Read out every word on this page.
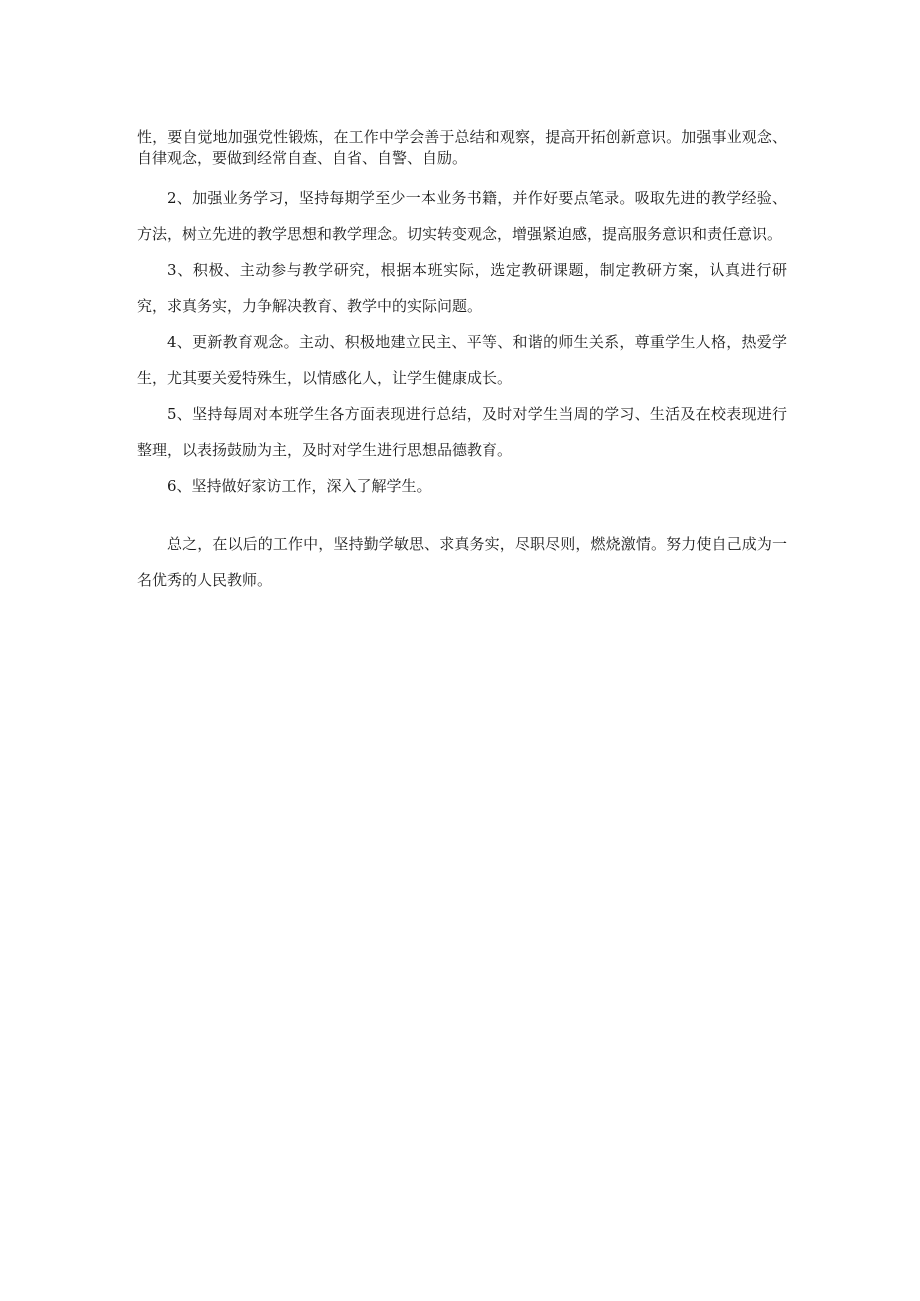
性，要自觉地加强党性锻炼，在工作中学会善于总结和观察，提高开拓创新意识。加强事业观念、自律观念，要做到经常自查、自省、自警、自励。

2、加强业务学习，坚持每期学至少一本业务书籍，并作好要点笔录。吸取先进的教学经验、方法，树立先进的教学思想和教学理念。切实转变观念，增强紧迫感，提高服务意识和责任意识。

3、积极、主动参与教学研究，根据本班实际，选定教研课题，制定教研方案，认真进行研究，求真务实，力争解决教育、教学中的实际问题。

4、更新教育观念。主动、积极地建立民主、平等、和谐的师生关系，尊重学生人格，热爱学生，尤其要关爱特殊生，以情感化人，让学生健康成长。

5、坚持每周对本班学生各方面表现进行总结，及时对学生当周的学习、生活及在校表现进行整理，以表扬鼓励为主，及时对学生进行思想品德教育。

6、坚持做好家访工作，深入了解学生。

总之，在以后的工作中，坚持勤学敏思、求真务实，尽职尽则，燃烧激情。努力使自己成为一名优秀的人民教师。
